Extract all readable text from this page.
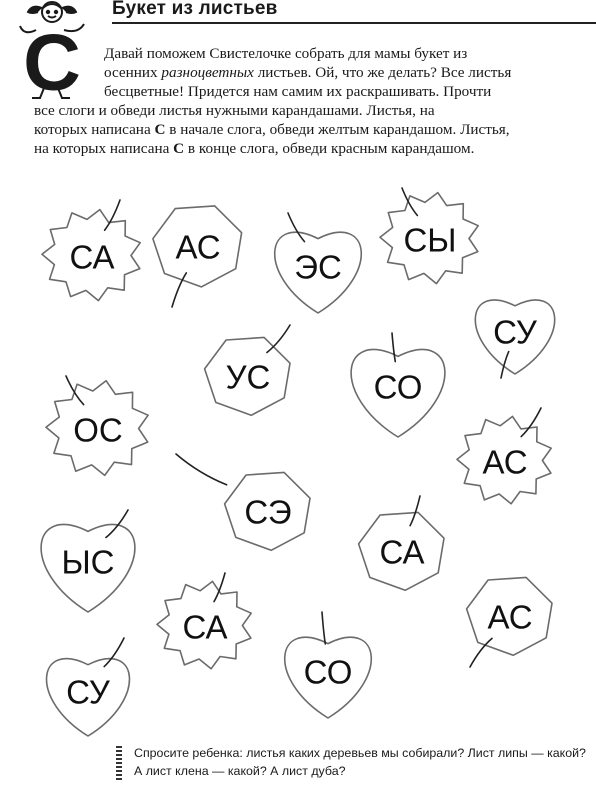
С
Букет из листьев

Давай поможем Свистелочке собрать для мамы букет из
осенних разноцветных листьев. Ой, что же делать? Все листья
бесцветные! Придется нам самим их раскрашивать. Прочти
все слоги и обведи листья нужными карандашами. Листья, на
которых написана С в начале слога, обведи желтым карандашом. Листья,
на которых написана С в конце слога, обведи красным карандашом.

СА АС
ЭС
СЫ
СУ
УС	СО
ОС
АС
СЭ
СА
ЫС
СА	АС
СО
СУ

Спросите ребенка: листья каких деревьев мы собирали? Лист липы — какой?
А лист клена — какой? А лист дуба?
